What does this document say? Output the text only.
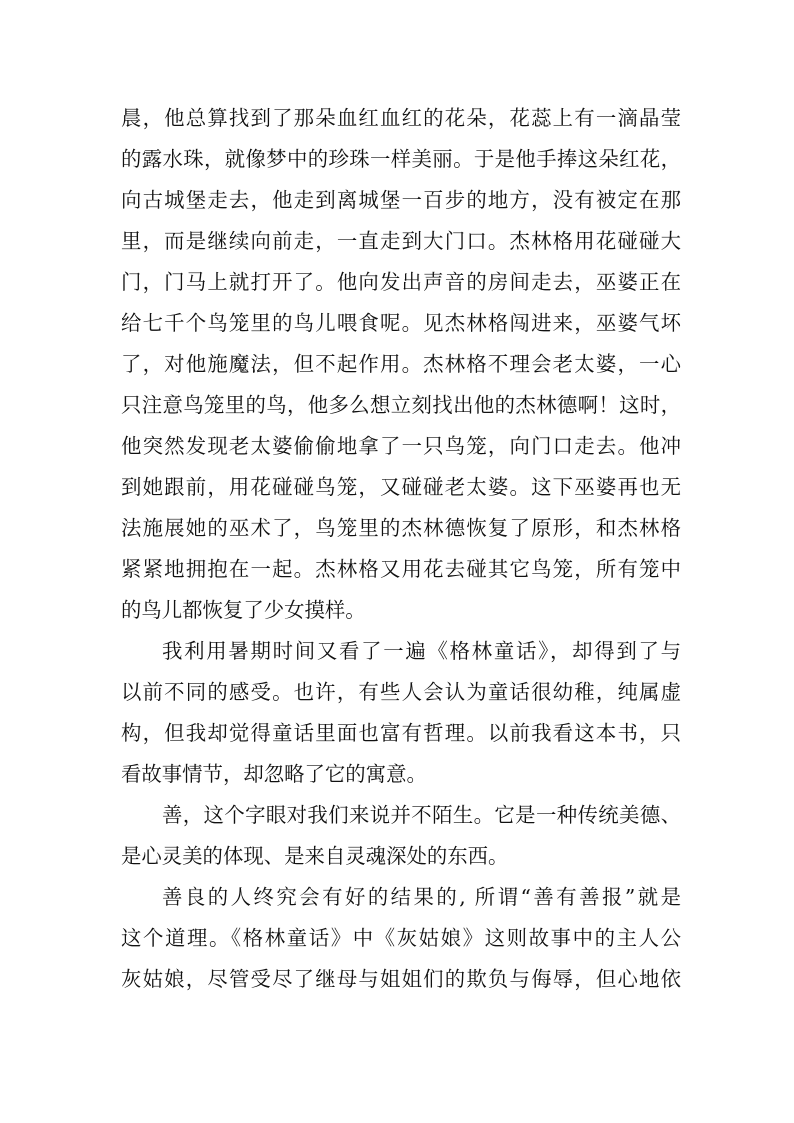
晨，他总算找到了那朵血红血红的花朵，花蕊上有一滴晶莹
的露水珠，就像梦中的珍珠一样美丽。于是他手捧这朵红花，
向古城堡走去，他走到离城堡一百步的地方，没有被定在那
里，而是继续向前走，一直走到大门口。杰林格用花碰碰大
门，门马上就打开了。他向发出声音的房间走去，巫婆正在
给七千个鸟笼里的鸟儿喂食呢。见杰林格闯进来，巫婆气坏
了，对他施魔法，但不起作用。杰林格不理会老太婆，一心
只注意鸟笼里的鸟，他多么想立刻找出他的杰林德啊！这时，
他突然发现老太婆偷偷地拿了一只鸟笼，向门口走去。他冲
到她跟前，用花碰碰鸟笼，又碰碰老太婆。这下巫婆再也无
法施展她的巫术了，鸟笼里的杰林德恢复了原形，和杰林格
紧紧地拥抱在一起。杰林格又用花去碰其它鸟笼，所有笼中
的鸟儿都恢复了少女摸样。
我利用暑期时间又看了一遍《格林童话》，却得到了与
以前不同的感受。也许，有些人会认为童话很幼稚，纯属虚
构，但我却觉得童话里面也富有哲理。以前我看这本书，只
看故事情节，却忽略了它的寓意。
善，这个字眼对我们来说并不陌生。它是一种传统美德、
是心灵美的体现、是来自灵魂深处的东西。
善良的人终究会有好的结果的, 所谓“善有善报”就是
这个道理。《格林童话》中《灰姑娘》这则故事中的主人公
灰姑娘，尽管受尽了继母与姐姐们的欺负与侮辱，但心地依
